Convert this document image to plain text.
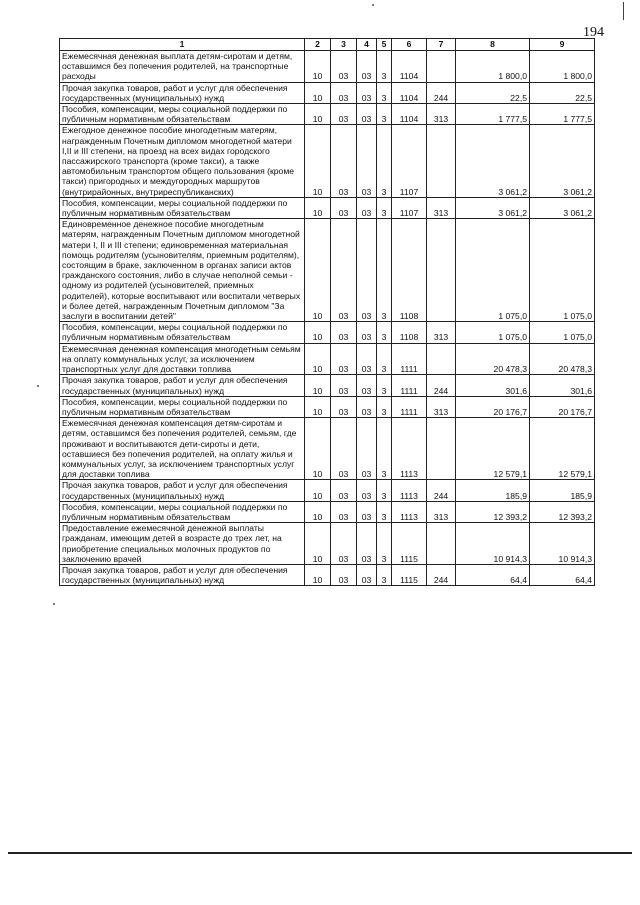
194
1	2	3	4	5	6	7	8	9
Ежемесячная денежная выплата детям-сиротам и детям, оставшимся без попечения родителей, на транспортные расходы	10	03	03	3	1104		1 800,0	1 800,0
Прочая закупка товаров, работ и услуг для обеспечения государственных (муниципальных) нужд	10	03	03	3	1104	244	22,5	22,5
Пособия, компенсации, меры социальной поддержки по публичным нормативным обязательствам	10	03	03	3	1104	313	1 777,5	1 777,5
Ежегодное денежное пособие многодетным матерям, награжденным Почетным дипломом многодетной матери I,II и III степени, на проезд на всех видах городского пассажирского транспорта (кроме такси), а также автомобильным транспортом общего пользования (кроме такси) пригородных и междугородных маршрутов (внутрирайонных, внутриреспубликанских)	10	03	03	3	1107		3 061,2	3 061,2
Пособия, компенсации, меры социальной поддержки по публичным нормативным обязательствам	10	03	03	3	1107	313	3 061,2	3 061,2
Единовременное денежное пособие многодетным матерям, награжденным Почетным дипломом многодетной матери I, II и III степени; единовременная материальная помощь родителям (усыновителям, приемным родителям), состоящим в браке, заключенном в органах записи актов гражданского состояния, либо в случае неполной семьи - одному из родителей (усыновителей, приемных родителей), которые воспитывают или воспитали четверых и более детей, награжденным Почетным дипломом "За заслуги в воспитании детей"	10	03	03	3	1108		1 075,0	1 075,0
Пособия, компенсации, меры социальной поддержки по публичным нормативным обязательствам	10	03	03	3	1108	313	1 075,0	1 075,0
Ежемесячная денежная компенсация многодетным семьям на оплату коммунальных услуг, за исключением транспортных услуг для доставки топлива	10	03	03	3	1111		20 478,3	20 478,3
Прочая закупка товаров, работ и услуг для обеспечения государственных (муниципальных) нужд	10	03	03	3	1111	244	301,6	301,6
Пособия, компенсации, меры социальной поддержки по публичным нормативным обязательствам	10	03	03	3	1111	313	20 176,7	20 176,7
Ежемесячная денежная компенсация детям-сиротам и детям, оставшимся без попечения родителей, семьям, где проживают и воспитываются дети-сироты и дети, оставшиеся без попечения родителей, на оплату жилья и коммунальных услуг, за исключением транспортных услуг для доставки топлива	10	03	03	3	1113		12 579,1	12 579,1
Прочая закупка товаров, работ и услуг для обеспечения государственных (муниципальных) нужд	10	03	03	3	1113	244	185,9	185,9
Пособия, компенсации, меры социальной поддержки по публичным нормативным обязательствам	10	03	03	3	1113	313	12 393,2	12 393,2
Предоставление ежемесячной денежной выплаты гражданам, имеющим детей в возрасте до трех лет, на приобретение специальных молочных продуктов по заключению врачей	10	03	03	3	1115		10 914,3	10 914,3
Прочая закупка товаров, работ и услуг для обеспечения государственных (муниципальных) нужд	10	03	03	3	1115	244	64,4	64,4
